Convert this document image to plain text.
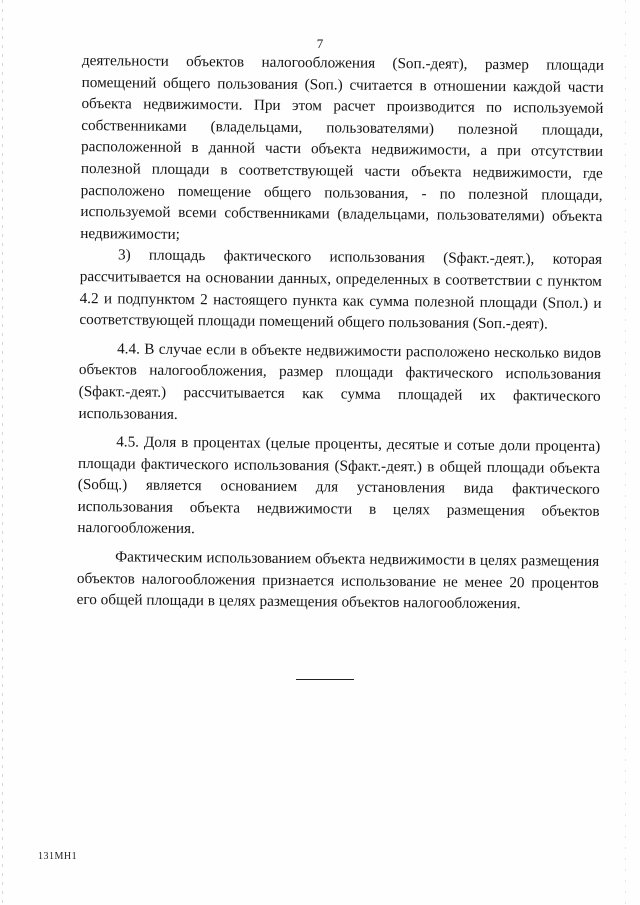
7

деятельности объектов налогообложения (Sоп.-деят), размер площади помещений общего пользования (Sоп.) считается в отношении каждой части объекта недвижимости. При этом расчет производится по используемой собственниками (владельцами, пользователями) полезной площади, расположенной в данной части объекта недвижимости, а при отсутствии полезной площади в соответствующей части объекта недвижимости, где расположено помещение общего пользования, - по полезной площади, используемой всеми собственниками (владельцами, пользователями) объекта недвижимости;

3) площадь фактического использования (Sфакт.-деят.), которая рассчитывается на основании данных, определенных в соответствии с пунктом 4.2 и подпунктом 2 настоящего пункта как сумма полезной площади (Sпол.) и соответствующей площади помещений общего пользования (Sоп.-деят).

4.4. В случае если в объекте недвижимости расположено несколько видов объектов налогообложения, размер площади фактического использования (Sфакт.-деят.) рассчитывается как сумма площадей их фактического использования.

4.5. Доля в процентах (целые проценты, десятые и сотые доли процента) площади фактического использования (Sфакт.-деят.) в общей площади объекта (Sобщ.) является основанием для установления вида фактического использования объекта недвижимости в целях размещения объектов налогообложения.

Фактическим использованием объекта недвижимости в целях размещения объектов налогообложения признается использование не менее 20 процентов его общей площади в целях размещения объектов налогообложения.

131МН1
